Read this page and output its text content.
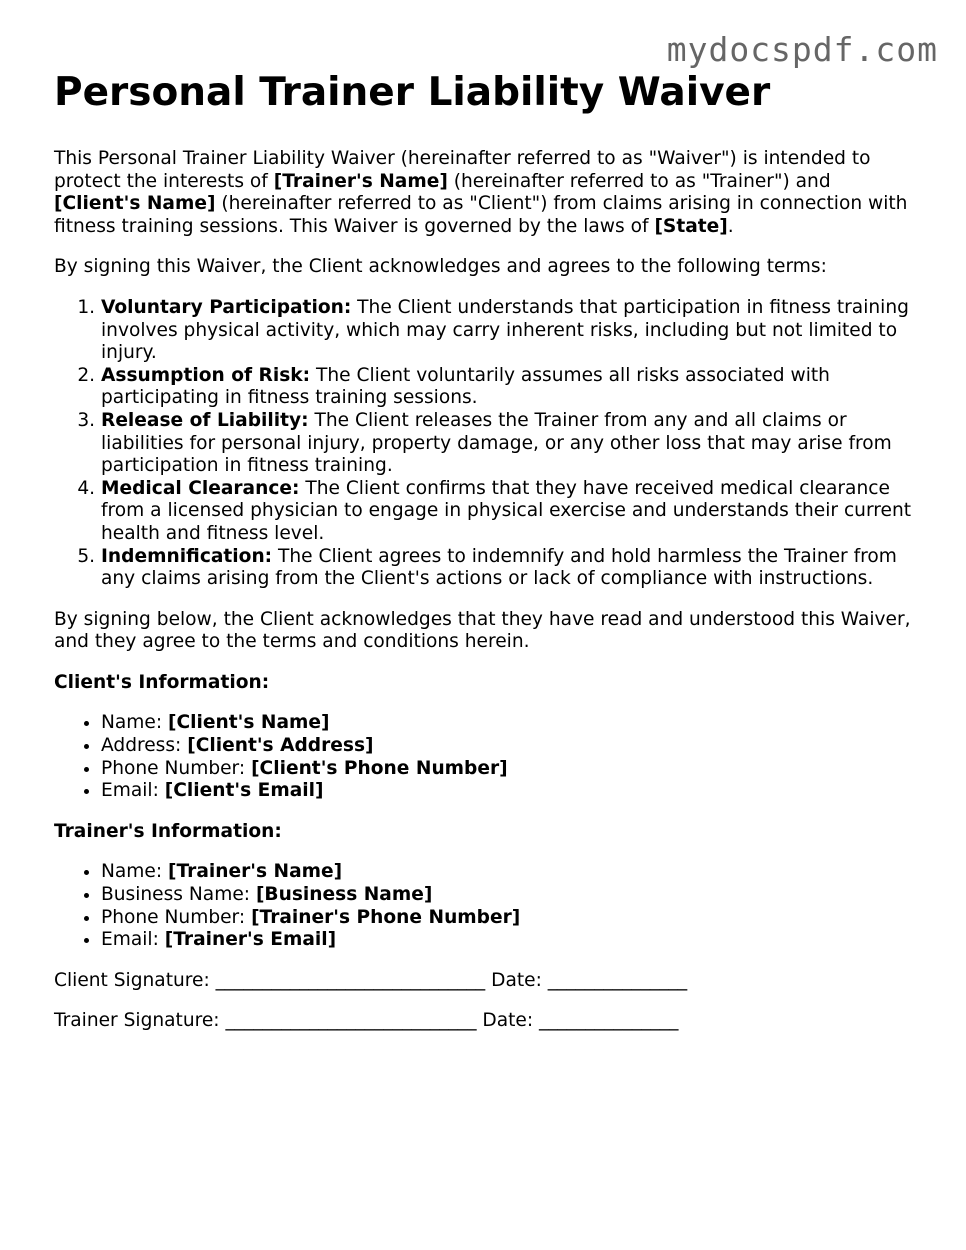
mydocspdf.com
Personal Trainer Liability Waiver

This Personal Trainer Liability Waiver (hereinafter referred to as "Waiver") is intended to protect the interests of [Trainer's Name] (hereinafter referred to as "Trainer") and [Client's Name] (hereinafter referred to as "Client") from claims arising in connection with fitness training sessions. This Waiver is governed by the laws of [State].

By signing this Waiver, the Client acknowledges and agrees to the following terms:

1. Voluntary Participation: The Client understands that participation in fitness training involves physical activity, which may carry inherent risks, including but not limited to injury.
2. Assumption of Risk: The Client voluntarily assumes all risks associated with participating in fitness training sessions.
3. Release of Liability: The Client releases the Trainer from any and all claims or liabilities for personal injury, property damage, or any other loss that may arise from participation in fitness training.
4. Medical Clearance: The Client confirms that they have received medical clearance from a licensed physician to engage in physical exercise and understands their current health and fitness level.
5. Indemnification: The Client agrees to indemnify and hold harmless the Trainer from any claims arising from the Client's actions or lack of compliance with instructions.

By signing below, the Client acknowledges that they have read and understood this Waiver, and they agree to the terms and conditions herein.

Client's Information:

• Name: [Client's Name]
• Address: [Client's Address]
• Phone Number: [Client's Phone Number]
• Email: [Client's Email]

Trainer's Information:

• Name: [Trainer's Name]
• Business Name: [Business Name]
• Phone Number: [Trainer's Phone Number]
• Email: [Trainer's Email]

Client Signature: _____________________________ Date: _______________

Trainer Signature: ___________________________ Date: _______________
